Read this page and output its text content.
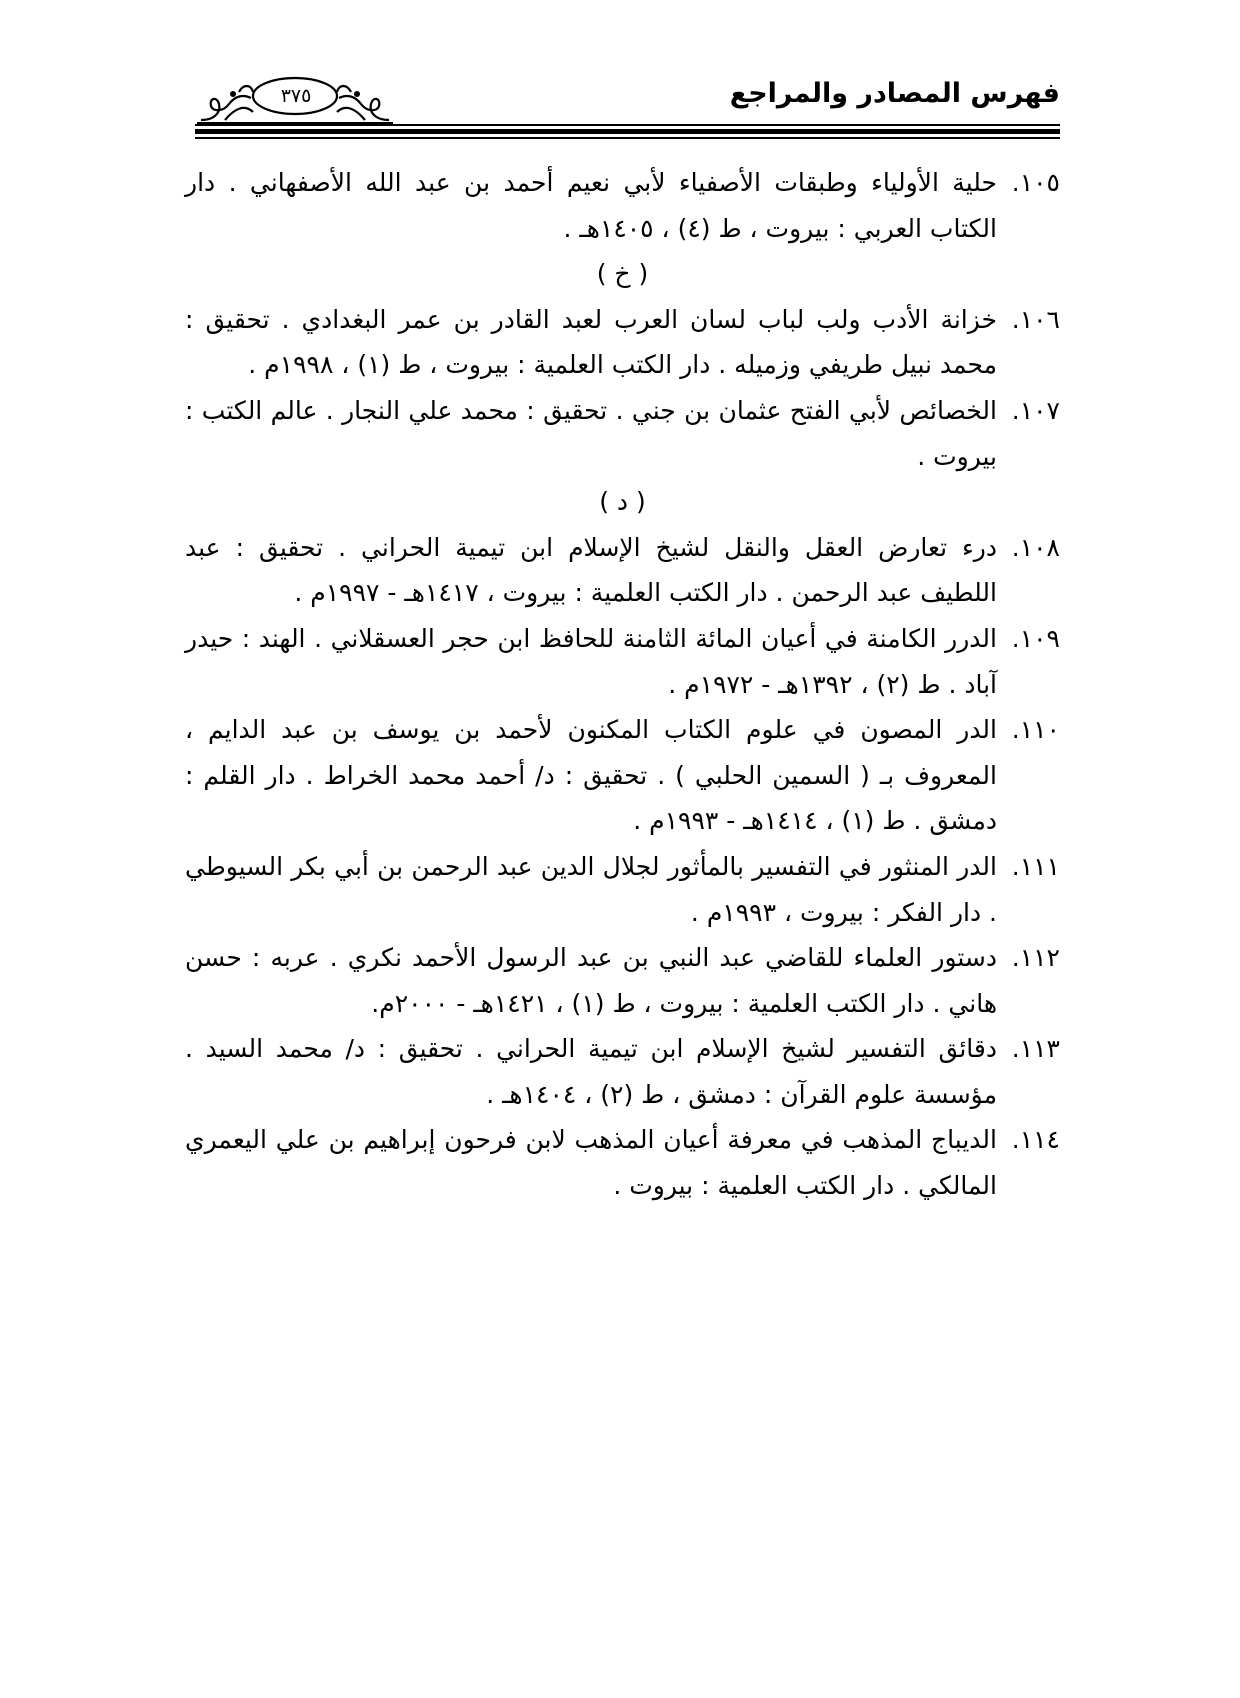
فهرس المصادر والمراجع
٣٧٥
١٠٥.
حلية الأولياء وطبقات الأصفياء لأبي نعيم أحمد بن عبد الله الأصفهاني . دار الكتاب العربي : بيروت ، ط (٤) ، ١٤٠٥هـ .
( خ )
١٠٦.
خزانة الأدب ولب لباب لسان العرب لعبد القادر بن عمر البغدادي . تحقيق : محمد نبيل طريفي وزميله . دار الكتب العلمية : بيروت ، ط (١) ، ١٩٩٨م .
١٠٧.
الخصائص لأبي الفتح عثمان بن جني . تحقيق : محمد علي النجار . عالم الكتب : بيروت .
( د )
١٠٨.
درء تعارض العقل والنقل لشيخ الإسلام ابن تيمية الحراني . تحقيق : عبد اللطيف عبد الرحمن . دار الكتب العلمية : بيروت ، ١٤١٧هـ - ١٩٩٧م .
١٠٩.
الدرر الكامنة في أعيان المائة الثامنة للحافظ ابن حجر العسقلاني . الهند : حيدر آباد . ط (٢) ، ١٣٩٢هـ - ١٩٧٢م .
١١٠.
الدر المصون في علوم الكتاب المكنون لأحمد بن يوسف بن عبد الدايم ، المعروف بـ ( السمين الحلبي ) . تحقيق : د/ أحمد محمد الخراط . دار القلم : دمشق . ط (١) ، ١٤١٤هـ - ١٩٩٣م .
١١١.
الدر المنثور في التفسير بالمأثور لجلال الدين عبد الرحمن بن أبي بكر السيوطي . دار الفكر : بيروت ، ١٩٩٣م .
١١٢.
دستور العلماء للقاضي عبد النبي بن عبد الرسول الأحمد نكري . عربه : حسن هاني . دار الكتب العلمية : بيروت ، ط (١) ، ١٤٢١هـ - ٢٠٠٠م.
١١٣.
دقائق التفسير لشيخ الإسلام ابن تيمية الحراني . تحقيق : د/ محمد السيد . مؤسسة علوم القرآن : دمشق ، ط (٢) ، ١٤٠٤هـ .
١١٤.
الديباج المذهب في معرفة أعيان المذهب لابن فرحون إبراهيم بن علي اليعمري المالكي . دار الكتب العلمية : بيروت .
